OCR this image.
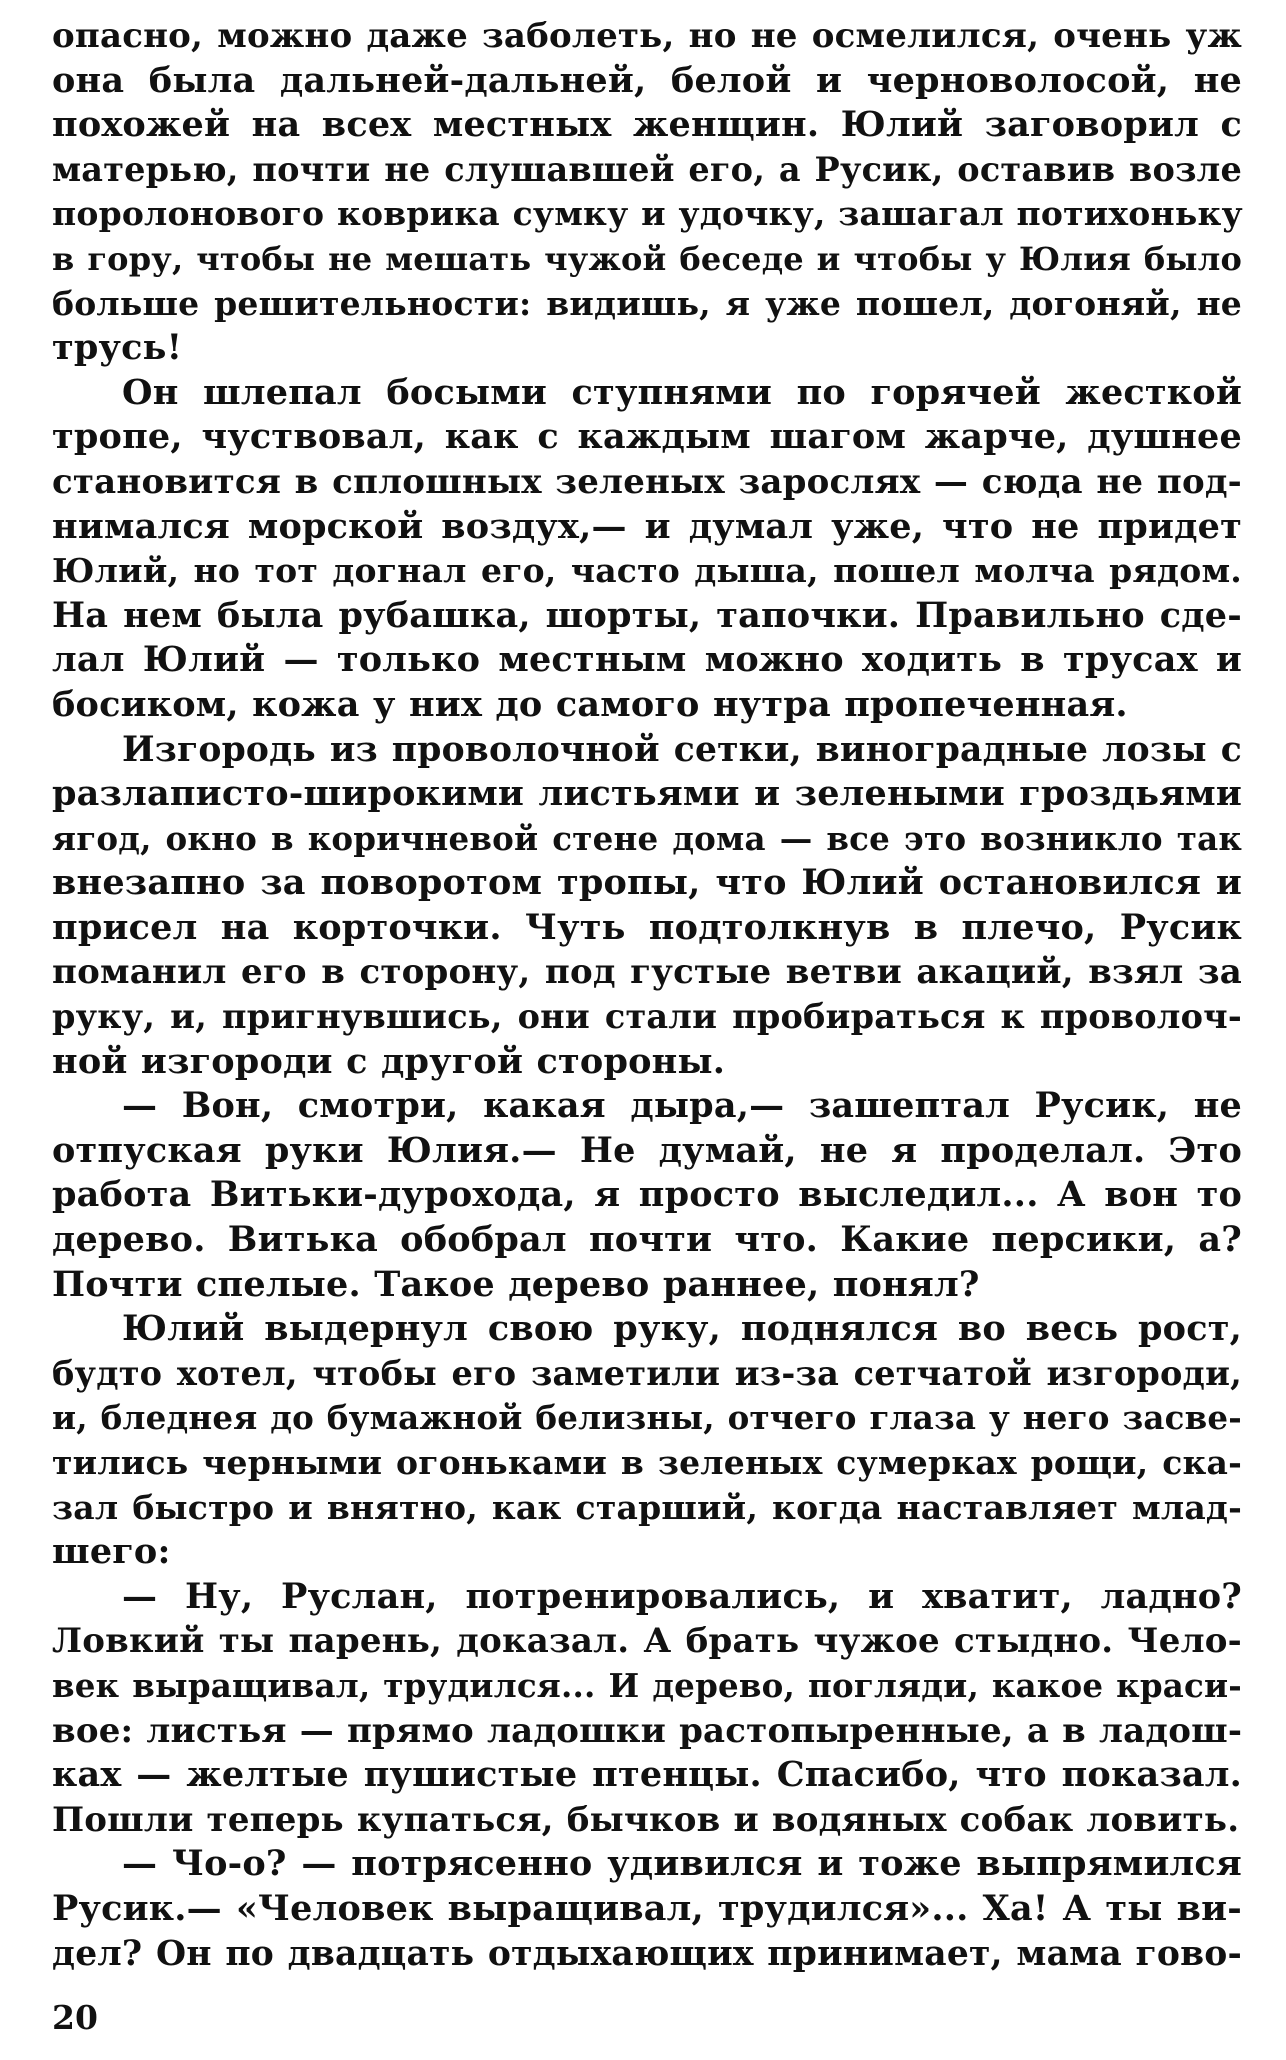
опасно, можно даже заболеть, но не осмелился, очень уж
она была дальней-дальней, белой и черноволосой, не
похожей на всех местных женщин. Юлий заговорил с
матерью, почти не слушавшей его, а Русик, оставив возле
поролонового коврика сумку и удочку, зашагал потихоньку
в гору, чтобы не мешать чужой беседе и чтобы у Юлия было
больше решительности: видишь, я уже пошел, догоняй, не
трусь!
Он шлепал босыми ступнями по горячей жесткой
тропе, чуствовал, как с каждым шагом жарче, душнее
становится в сплошных зеленых зарослях — сюда не под-
нимался морской воздух,— и думал уже, что не придет
Юлий, но тот догнал его, часто дыша, пошел молча рядом.
На нем была рубашка, шорты, тапочки. Правильно сде-
лал Юлий — только местным можно ходить в трусах и
босиком, кожа у них до самого нутра пропеченная.
Изгородь из проволочной сетки, виноградные лозы с
разлаписто-широкими листьями и зелеными гроздьями
ягод, окно в коричневой стене дома — все это возникло так
внезапно за поворотом тропы, что Юлий остановился и
присел на корточки. Чуть подтолкнув в плечо, Русик
поманил его в сторону, под густые ветви акаций, взял за
руку, и, пригнувшись, они стали пробираться к проволоч-
ной изгороди с другой стороны.
— Вон, смотри, какая дыра,— зашептал Русик, не
отпуская руки Юлия.— Не думай, не я проделал. Это
работа Витьки-дурохода, я просто выследил... А вон то
дерево. Витька обобрал почти что. Какие персики, а?
Почти спелые. Такое дерево раннее, понял?
Юлий выдернул свою руку, поднялся во весь рост,
будто хотел, чтобы его заметили из-за сетчатой изгороди,
и, бледнея до бумажной белизны, отчего глаза у него засве-
тились черными огоньками в зеленых сумерках рощи, ска-
зал быстро и внятно, как старший, когда наставляет млад-
шего:
— Ну, Руслан, потренировались, и хватит, ладно?
Ловкий ты парень, доказал. А брать чужое стыдно. Чело-
век выращивал, трудился... И дерево, погляди, какое краси-
вое: листья — прямо ладошки растопыренные, а в ладош-
ках — желтые пушистые птенцы. Спасибо, что показал.
Пошли теперь купаться, бычков и водяных собак ловить.
— Чо-о? — потрясенно удивился и тоже выпрямился
Русик.— «Человек выращивал, трудился»... Ха! А ты ви-
дел? Он по двадцать отдыхающих принимает, мама гово-
20
